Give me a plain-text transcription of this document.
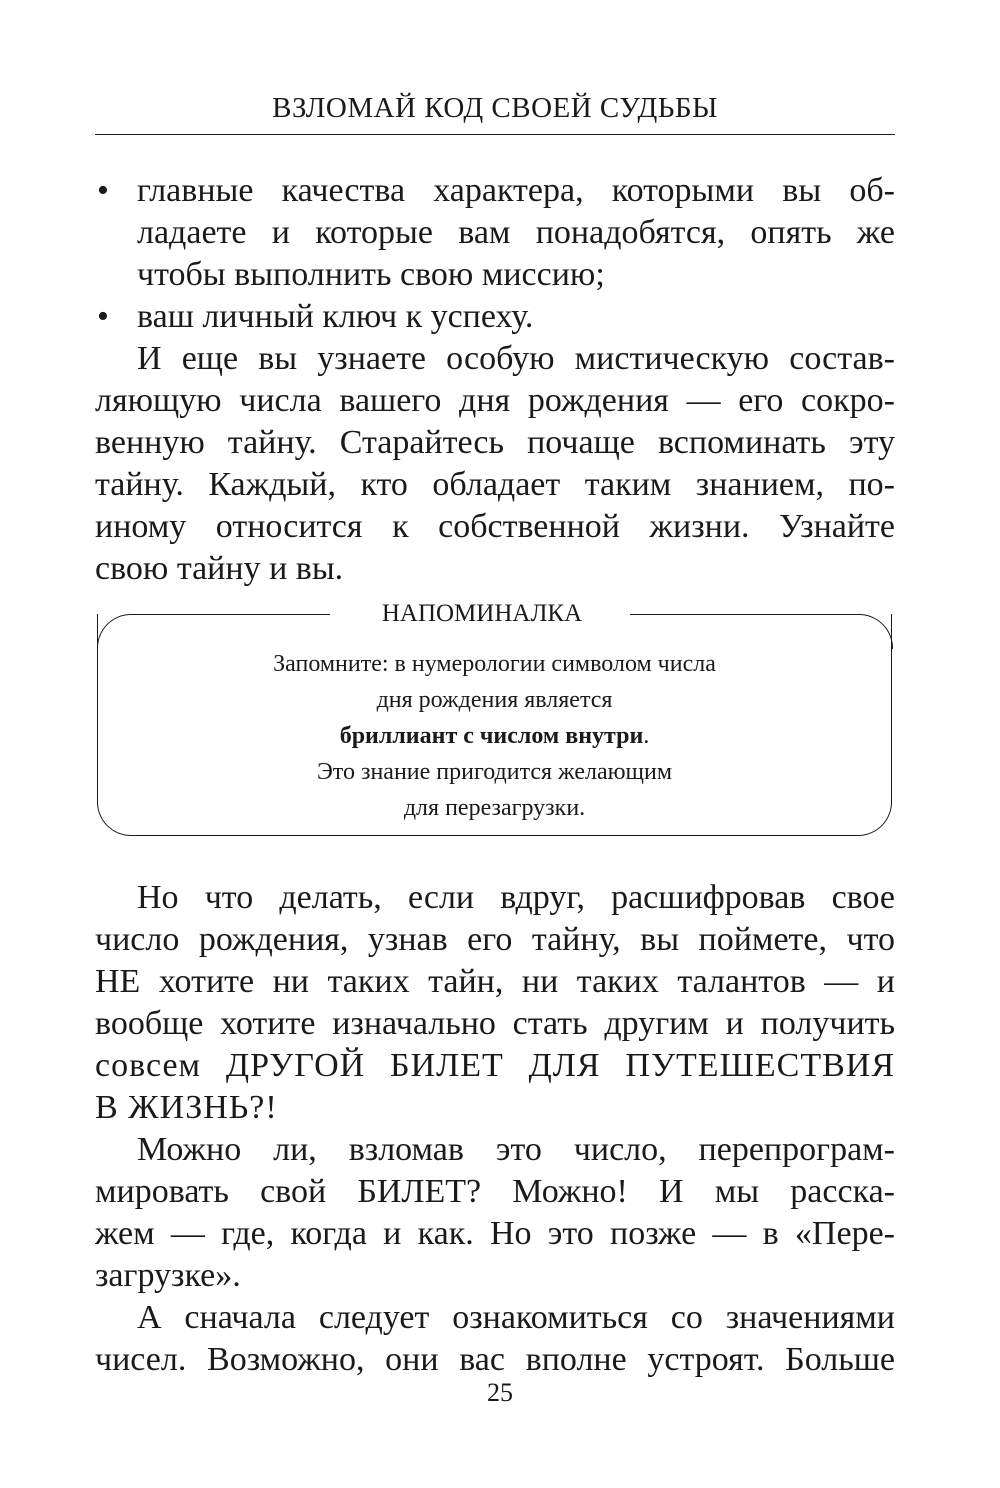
ВЗЛОМАЙ КОД СВОЕЙ СУДЬБЫ
• главные качества характера, которыми вы об-
ладаете и которые вам понадобятся, опять же
чтобы выполнить свою миссию;
• ваш личный ключ к успеху.
И еще вы узнаете особую мистическую состав-
ляющую числа вашего дня рождения — его сокро-
венную тайну. Старайтесь почаще вспоминать эту
тайну. Каждый, кто обладает таким знанием, по-
иному относится к собственной жизни. Узнайте
свою тайну и вы.
НАПОМИНАЛКА
Запомните: в нумерологии символом числа
дня рождения является
бриллиант с числом внутри.
Это знание пригодится желающим
для перезагрузки.
Но что делать, если вдруг, расшифровав свое
число рождения, узнав его тайну, вы поймете, что
НЕ хотите ни таких тайн, ни таких талантов — и
вообще хотите изначально стать другим и получить
совсем ДРУГОЙ БИЛЕТ ДЛЯ ПУТЕШЕСТВИЯ
В ЖИЗНЬ?!
Можно ли, взломав это число, перепрограм-
мировать свой БИЛЕТ? Можно! И мы расска-
жем — где, когда и как. Но это позже — в «Пере-
загрузке».
А сначала следует ознакомиться со значениями
чисел. Возможно, они вас вполне устроят. Больше
25
